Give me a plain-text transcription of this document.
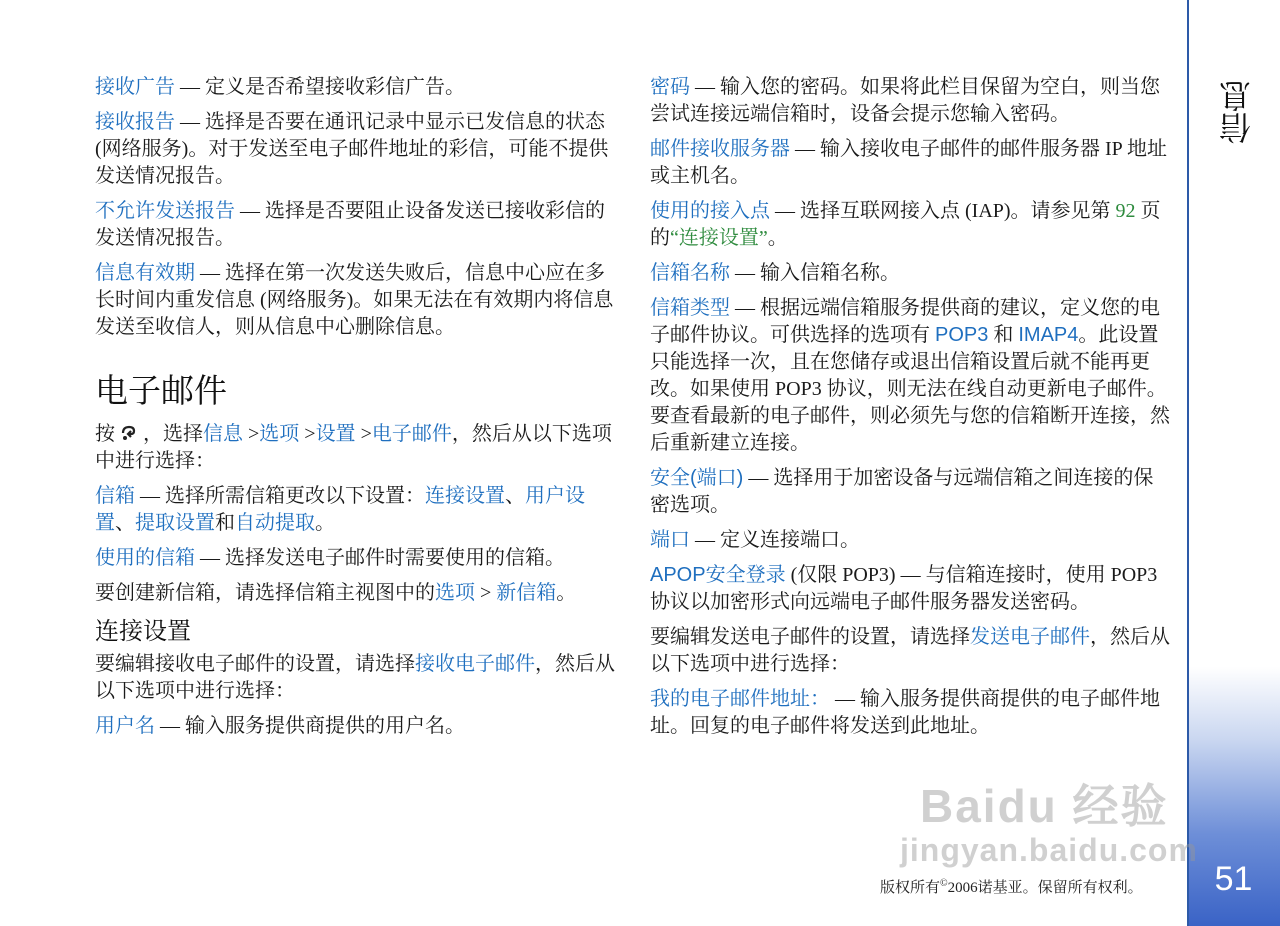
接收广告 — 定义是否希望接收彩信广告。

接收报告 — 选择是否要在通讯记录中显示已发信息的状态 (网络服务)。对于发送至电子邮件地址的彩信，可能不提供发送情况报告。

不允许发送报告 — 选择是否要阻止设备发送已接收彩信的发送情况报告。

信息有效期 — 选择在第一次发送失败后，信息中心应在多长时间内重发信息 (网络服务)。如果无法在有效期内将信息发送至收信人，则从信息中心删除信息。

电子邮件

按 ，选择信息 >选项 >设置 >电子邮件，然后从以下选项中进行选择：

信箱 — 选择所需信箱更改以下设置：连接设置、用户设置、提取设置和自动提取。

使用的信箱 — 选择发送电子邮件时需要使用的信箱。

要创建新信箱，请选择信箱主视图中的选项 > 新信箱。

连接设置

要编辑接收电子邮件的设置，请选择接收电子邮件，然后从以下选项中进行选择：

用户名 — 输入服务提供商提供的用户名。

密码 — 输入您的密码。如果将此栏目保留为空白，则当您尝试连接远端信箱时，设备会提示您输入密码。

邮件接收服务器 — 输入接收电子邮件的邮件服务器 IP 地址或主机名。

使用的接入点 — 选择互联网接入点 (IAP)。请参见第 92 页的“连接设置”。

信箱名称 — 输入信箱名称。

信箱类型 — 根据远端信箱服务提供商的建议，定义您的电子邮件协议。可供选择的选项有 POP3 和 IMAP4。此设置只能选择一次，且在您储存或退出信箱设置后就不能再更改。如果使用 POP3 协议，则无法在线自动更新电子邮件。要查看最新的电子邮件，则必须先与您的信箱断开连接，然后重新建立连接。

安全(端口) — 选择用于加密设备与远端信箱之间连接的保密选项。

端口 — 定义连接端口。

APOP安全登录 (仅限 POP3) — 与信箱连接时，使用 POP3 协议以加密形式向远端电子邮件服务器发送密码。

要编辑发送电子邮件的设置，请选择发送电子邮件，然后从以下选项中进行选择：

我的电子邮件地址： — 输入服务提供商提供的电子邮件地址。回复的电子邮件将发送到此地址。

信息
51
版权所有©2006诺基亚。保留所有权利。
Baidu 经验
jingyan.baidu.com
